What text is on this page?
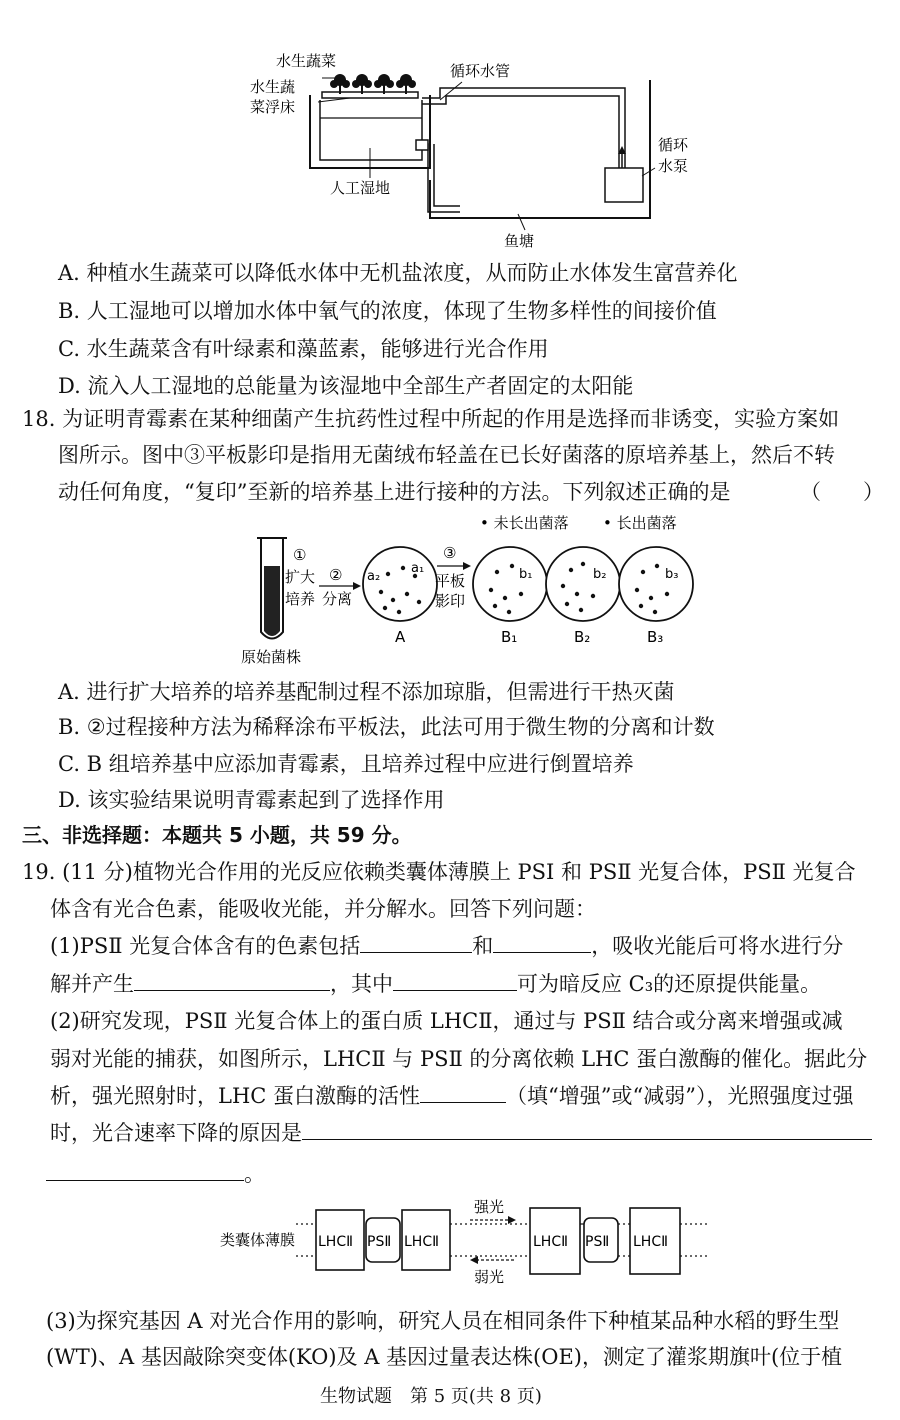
水生蔬菜
水生蔬
菜浮床
循环水管
循环
水泵
人工湿地
鱼塘
A. 种植水生蔬菜可以降低水体中无机盐浓度，从而防止水体发生富营养化
B. 人工湿地可以增加水体中氧气的浓度，体现了生物多样性的间接价值
C. 水生蔬菜含有叶绿素和藻蓝素，能够进行光合作用
D. 流入人工湿地的总能量为该湿地中全部生产者固定的太阳能
18. 为证明青霉素在某种细菌产生抗药性过程中所起的作用是选择而非诱变，实验方案如
图所示。图中③平板影印是指用无菌绒布轻盖在已长好菌落的原培养基上，然后不转
动任何角度，“复印”至新的培养基上进行接种的方法。下列叙述正确的是	（　　）
• 未长出菌落 • 长出菌落
原始菌株
①
扩大
培养
②
分离
a₂
a₁
A
③
平板
影印
b₁
B₁
b₂
B₂
b₃
B₃
A. 进行扩大培养的培养基配制过程不添加琼脂，但需进行干热灭菌
B. ②过程接种方法为稀释涂布平板法，此法可用于微生物的分离和计数
C. B 组培养基中应添加青霉素，且培养过程中应进行倒置培养
D. 该实验结果说明青霉素起到了选择作用
三、非选择题：本题共 5 小题，共 59 分。
19. (11 分)植物光合作用的光反应依赖类囊体薄膜上 PSⅠ 和 PSⅡ 光复合体，PSⅡ 光复合
体含有光合色素，能吸收光能，并分解水。回答下列问题：
(1)PSⅡ 光复合体含有的色素包括	和	，吸收光能后可将水进行分
解并产生	，其中	可为暗反应 C₃的还原提供能量。
(2)研究发现，PSⅡ 光复合体上的蛋白质 LHCⅡ，通过与 PSⅡ 结合或分离来增强或减
弱对光能的捕获，如图所示，LHCⅡ 与 PSⅡ 的分离依赖 LHC 蛋白激酶的催化。据此分
析，强光照射时，LHC 蛋白激酶的活性	（填“增强”或“减弱”），光照强度过强
时，光合速率下降的原因是
。
类囊体薄膜 LHCⅡ PSⅡ LHCⅡ
强光
弱光
LHCⅡ PSⅡ LHCⅡ
(3)为探究基因 A 对光合作用的影响，研究人员在相同条件下种植某品种水稻的野生型
(WT)、A 基因敲除突变体(KO)及 A 基因过量表达株(OE)，测定了灌浆期旗叶(位于植
生物试题　第 5 页(共 8 页)
